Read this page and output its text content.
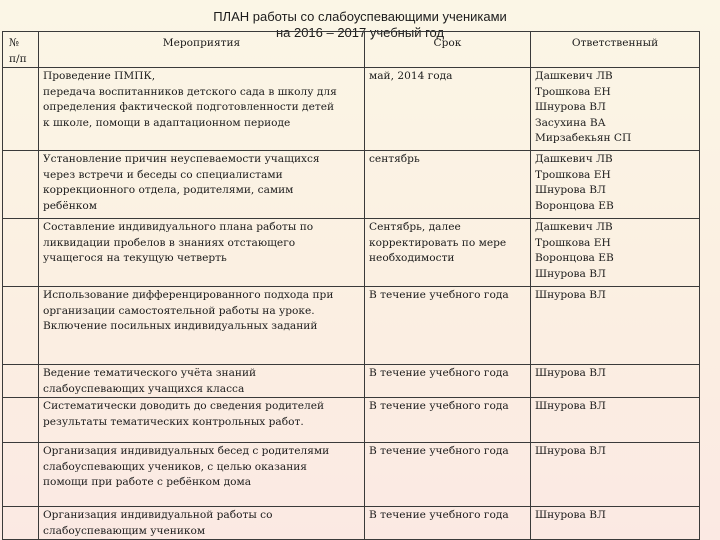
ПЛАН работы со слабоуспевающими учениками
на 2016 – 2017 учебный год
№
п/п	Мероприятия	Срок	Ответственный

	Проведение ПМПК,
передача воспитанников детского сада в школу для
определения фактической подготовленности детей
к школе, помощи в адаптационном периоде	май, 2014 года	Дашкевич ЛВ
Трошкова ЕН
Шнурова ВЛ
Засухина ВА
Мирзабекьян СП

	Установление причин неуспеваемости учащихся
через встречи и беседы со специалистами
коррекционного отдела, родителями, самим
ребёнком	сентябрь	Дашкевич ЛВ
Трошкова ЕН
Шнурова ВЛ
Воронцова ЕВ

	Составление индивидуального плана работы по
ликвидации пробелов в знаниях отстающего
учащегося на текущую четверть	Сентябрь, далее
корректировать по мере
необходимости	Дашкевич ЛВ
Трошкова ЕН
Воронцова ЕВ
Шнурова ВЛ

	Использование дифференцированного подхода при
организации самостоятельной работы на уроке.
Включение посильных индивидуальных заданий	В течение учебного года	Шнурова ВЛ

	Ведение тематического учёта знаний
слабоуспевающих учащихся класса	В течение учебного года	Шнурова ВЛ

	Систематически доводить до сведения родителей
результаты тематических контрольных работ.	В течение учебного года	Шнурова ВЛ

	Организация индивидуальных бесед с родителями
слабоуспевающих учеников, с целью оказания
помощи при работе с ребёнком дома	В течение учебного года	Шнурова ВЛ

	Организация индивидуальной работы со
слабоуспевающим учеником	В течение учебного года	Шнурова ВЛ
